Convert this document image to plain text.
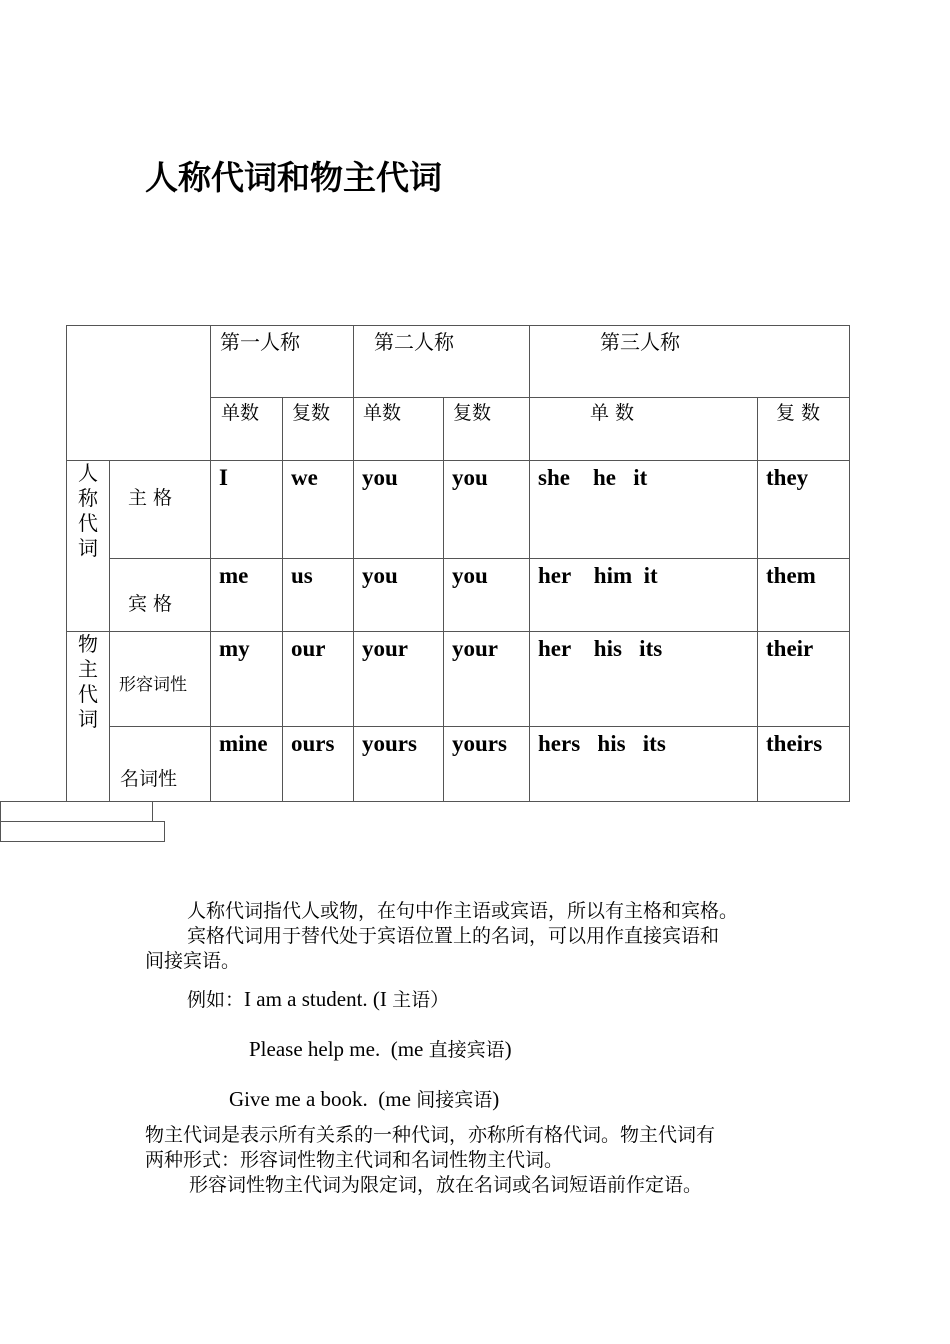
人称代词和物主代词
		第一人称		第二人称		第三人称	
		单数	复数	单数	复数	单 数	复 数
人称代词	主 格	I	we	you	you	she    he   it	they
	宾 格	me	us	you	you	her    him  it	them
物主代词	形容词性	my	our	your	your	her    his   its	their
	名词性	mine	ours	yours	yours	hers   his   its	theirs
人称代词指代人或物，在句中作主语或宾语，所以有主格和宾格。
宾格代词用于替代处于宾语位置上的名词，可以用作直接宾语和
间接宾语。
例如：I am a student. (I 主语）
Please help me.  (me 直接宾语)
Give me a book.  (me 间接宾语)
物主代词是表示所有关系的一种代词，亦称所有格代词。物主代词有
两种形式：形容词性物主代词和名词性物主代词。
形容词性物主代词为限定词，放在名词或名词短语前作定语。
